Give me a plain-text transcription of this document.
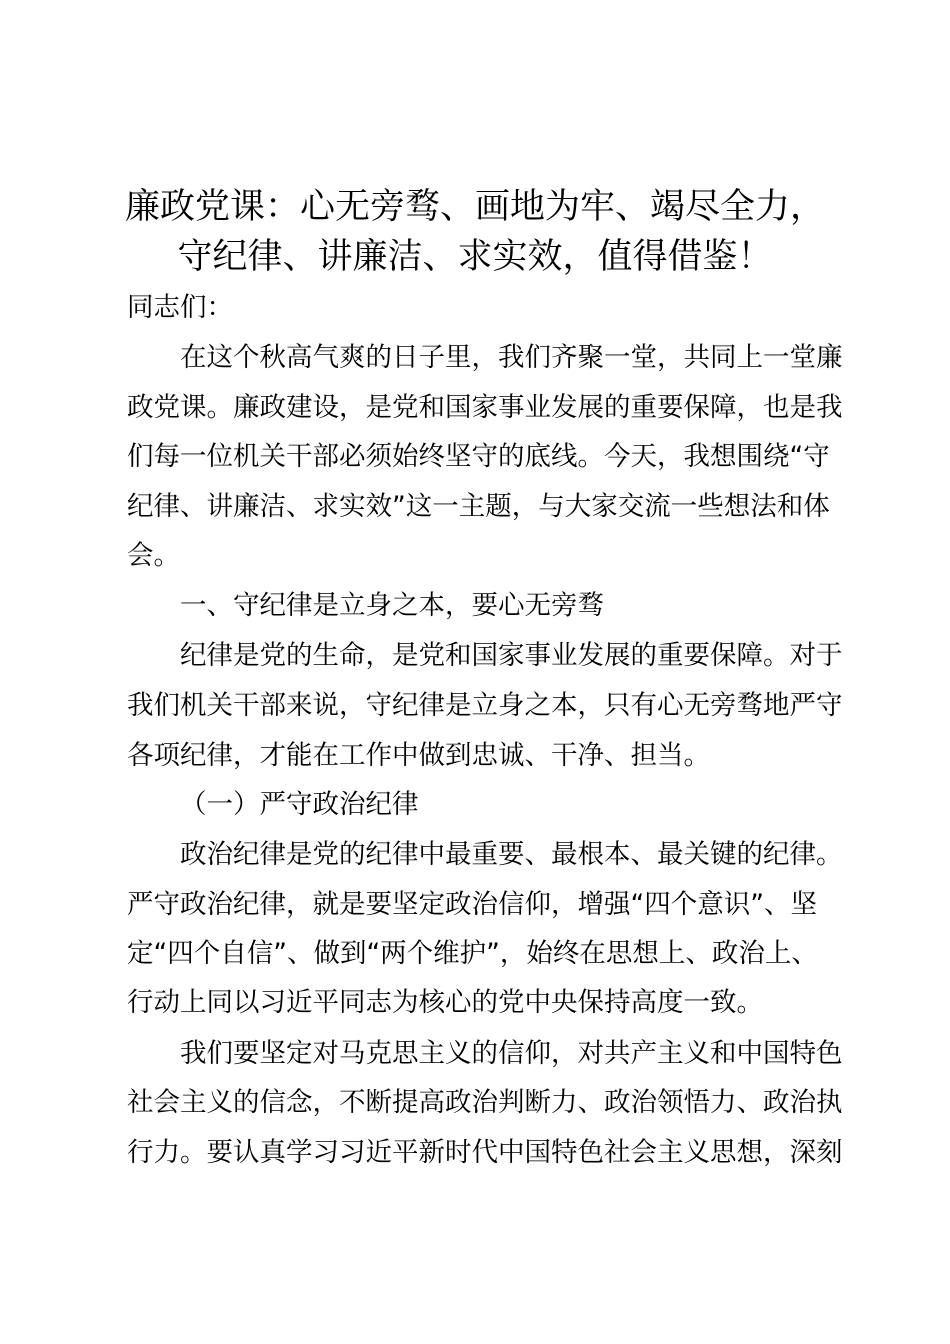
廉政党课：心无旁骛、画地为牢、竭尽全力，
守纪律、讲廉洁、求实效，值得借鉴！
同志们：
在这个秋高气爽的日子里，我们齐聚一堂，共同上一堂廉
政党课。廉政建设，是党和国家事业发展的重要保障，也是我
们每一位机关干部必须始终坚守的底线。今天，我想围绕“守
纪律、讲廉洁、求实效”这一主题，与大家交流一些想法和体
会。
一、守纪律是立身之本，要心无旁骛
纪律是党的生命，是党和国家事业发展的重要保障。对于
我们机关干部来说，守纪律是立身之本，只有心无旁骛地严守
各项纪律，才能在工作中做到忠诚、干净、担当。
（一）严守政治纪律
政治纪律是党的纪律中最重要、最根本、最关键的纪律。
严守政治纪律，就是要坚定政治信仰，增强“四个意识”、坚
定“四个自信”、做到“两个维护”，始终在思想上、政治上、
行动上同以习近平同志为核心的党中央保持高度一致。
我们要坚定对马克思主义的信仰，对共产主义和中国特色
社会主义的信念，不断提高政治判断力、政治领悟力、政治执
行力。要认真学习习近平新时代中国特色社会主义思想，深刻
